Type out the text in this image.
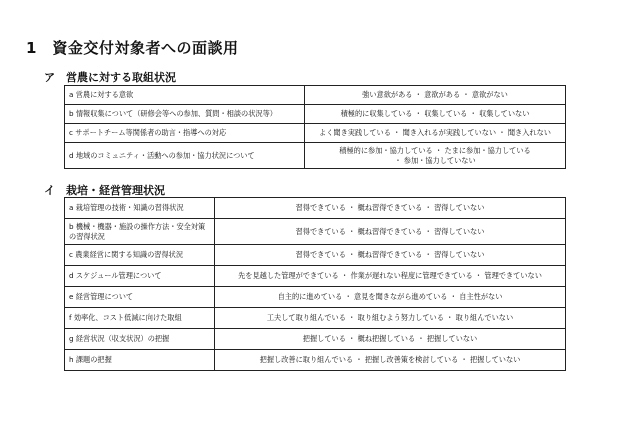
1　資金交付対象者への面談用
ア　営農に対する取組状況
a 営農に対する意欲	強い意欲がある ・ 意欲がある ・ 意欲がない

b 情報収集について（研修会等への参加、質問・相談の状況等）	積極的に収集している ・ 収集している ・ 収集していない

c サポートチーム等関係者の助言・指導への対応	よく聞き実践している ・ 聞き入れるが実践していない ・ 聞き入れない

d 地域のコミュニティ・活動への参加・協力状況について	積極的に参加・協力している ・ たまに参加・協力している
・ 参加・協力していない
イ　栽培・経営管理状況
a 栽培管理の技術・知識の習得状況	習得できている ・ 概ね習得できている ・ 習得していない

b 機械・機器・施設の操作方法・安全対策の習得状況	習得できている ・ 概ね習得できている ・ 習得していない

c 農業経営に関する知識の習得状況	習得できている ・ 概ね習得できている ・ 習得していない

d スケジュール管理について	先を見越した管理ができている ・ 作業が遅れない程度に管理できている ・ 管理できていない

e 経営管理について	自主的に進めている ・ 意見を聞きながら進めている ・ 自主性がない

f 効率化、コスト低減に向けた取組	工夫して取り組んでいる ・ 取り組むよう努力している ・ 取り組んでいない

g 経営状況（収支状況）の把握	把握している ・ 概ね把握している ・ 把握していない

h 課題の把握	把握し改善に取り組んでいる ・ 把握し改善策を検討している ・ 把握していない
